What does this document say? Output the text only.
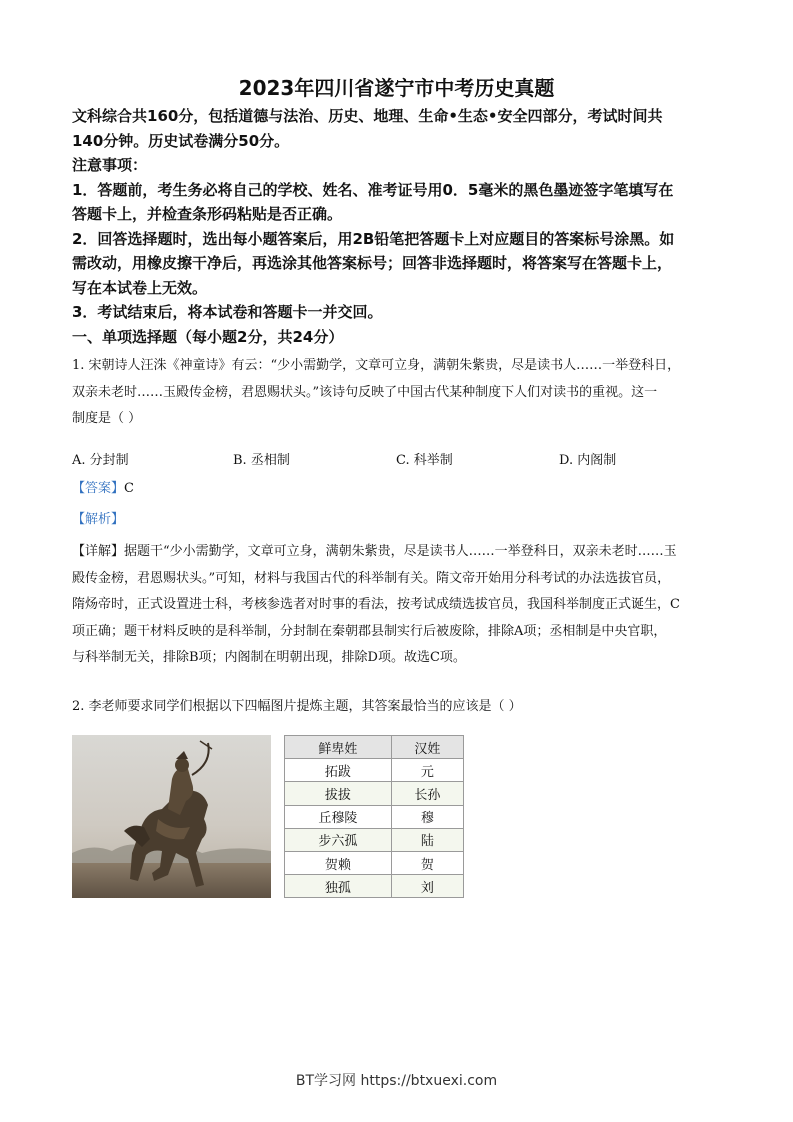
2023年四川省遂宁市中考历史真题
文科综合共160分，包括道德与法治、历史、地理、生命•生态•安全四部分，考试时间共
140分钟。历史试卷满分50分。
注意事项：
1．答题前，考生务必将自己的学校、姓名、准考证号用0．5毫米的黑色墨迹签字笔填写在
答题卡上，并检查条形码粘贴是否正确。
2．回答选择题时，选出每小题答案后，用2B铅笔把答题卡上对应题目的答案标号涂黑。如
需改动，用橡皮擦干净后，再选涂其他答案标号；回答非选择题时，将答案写在答题卡上，
写在本试卷上无效。
3．考试结束后，将本试卷和答题卡一并交回。
一、单项选择题（每小题2分，共24分）
1. 宋朝诗人汪洙《神童诗》有云：“少小需勤学，文章可立身，满朝朱紫贵，尽是读书人……一举登科日，
双亲未老时……玉殿传金榜，君恩赐状头。”该诗句反映了中国古代某种制度下人们对读书的重视。这一
制度是（ ）
A. 分封制	B. 丞相制	C. 科举制	D. 内阁制
【答案】C
【解析】
【详解】据题干“少小需勤学，文章可立身，满朝朱紫贵，尽是读书人……一举登科日，双亲未老时……玉
殿传金榜，君恩赐状头。”可知，材料与我国古代的科举制有关。隋文帝开始用分科考试的办法选拔官员，
隋炀帝时，正式设置进士科，考核参选者对时事的看法，按考试成绩选拔官员，我国科举制度正式诞生，C
项正确；题干材料反映的是科举制，分封制在秦朝郡县制实行后被废除，排除A项；丞相制是中央官职，
与科举制无关，排除B项；内阁制在明朝出现，排除D项。故选C项。
2. 李老师要求同学们根据以下四幅图片提炼主题，其答案最恰当的应该是（ ）
鲜卑姓	汉姓
拓跋	元
拔拔	长孙
丘穆陵	穆
步六孤	陆
贺赖	贺
独孤	刘
BT学习网 https://btxuexi.com
